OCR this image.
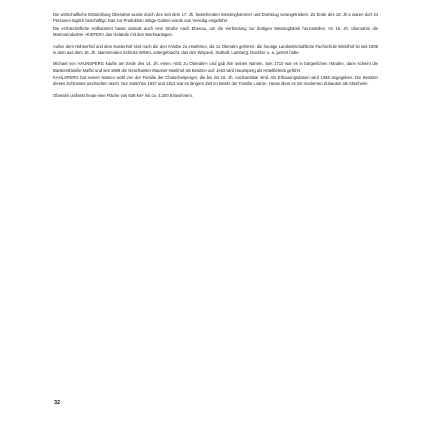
Die wirtschaftliche Entwicklung Oberalms wurde durch den seit dem 17. Jh. bestehenden Messinghammer und Drahtzug vorangetrieben. Zu Ende des 18. Jh.s waren dort 44 Personen täglich beschäftigt. Das zur Produktion nötige Galmei wurde aus Venedig eingeführt.

Die erzbischöfliche Hofkammer baute damals auch eine Straße nach Ebenau, um die Verbindung zur dortigen Messingfabrik herzustellen. Im 19. Jh. übernahm die Marmorindustrie »KIEFER« das Gelände mit den Werksanlagen.

Außer dem Hühnerhof und dem Kastenhof sind noch die drei Ansitze zu erwähnen, die zu Oberalm gehören: die heutige Landwirtschaftliche Fachschule Winklhof ist seit 1908 in dem aus dem 15. Jh. stammenden Schloss WINKL untergebracht, das den Wispeck, Nothaft, Lamberg, Dückher u. a. gehört hatte.

Michael von HAUNSPERG kaufte am Ende des 14. Jh. einen »Sitz zu Oberalm« und gab ihm seinen Namen. Seit 1710 war es in bürgerlichen Händen, dann scheint die Bankiersfamilie Maffei und seit 1899 die Geschwister Mautner-Markhof als Besitzer auf. Jetzt wird Haunsperg als Hotelbetrieb geführt.

KAHLSPERG hat seinen Namen wohl von der Familie der Chalochesperger, die bis ins 15. Jh. nachweisbar sind. Als Erbauungsdatum wird 1368 angegeben. Die Besitzer dieses Schlosses wechselten rasch. Nur zwischen 1637 und 1812 war es längere Zeit im Besitz der Familie Lodron. Heute dient es mit modernen Zubauten als Altenheim.

Oberalm umfasst heute eine Fläche von 638 km² mit ca. 4.200 Einwohnern.

32
